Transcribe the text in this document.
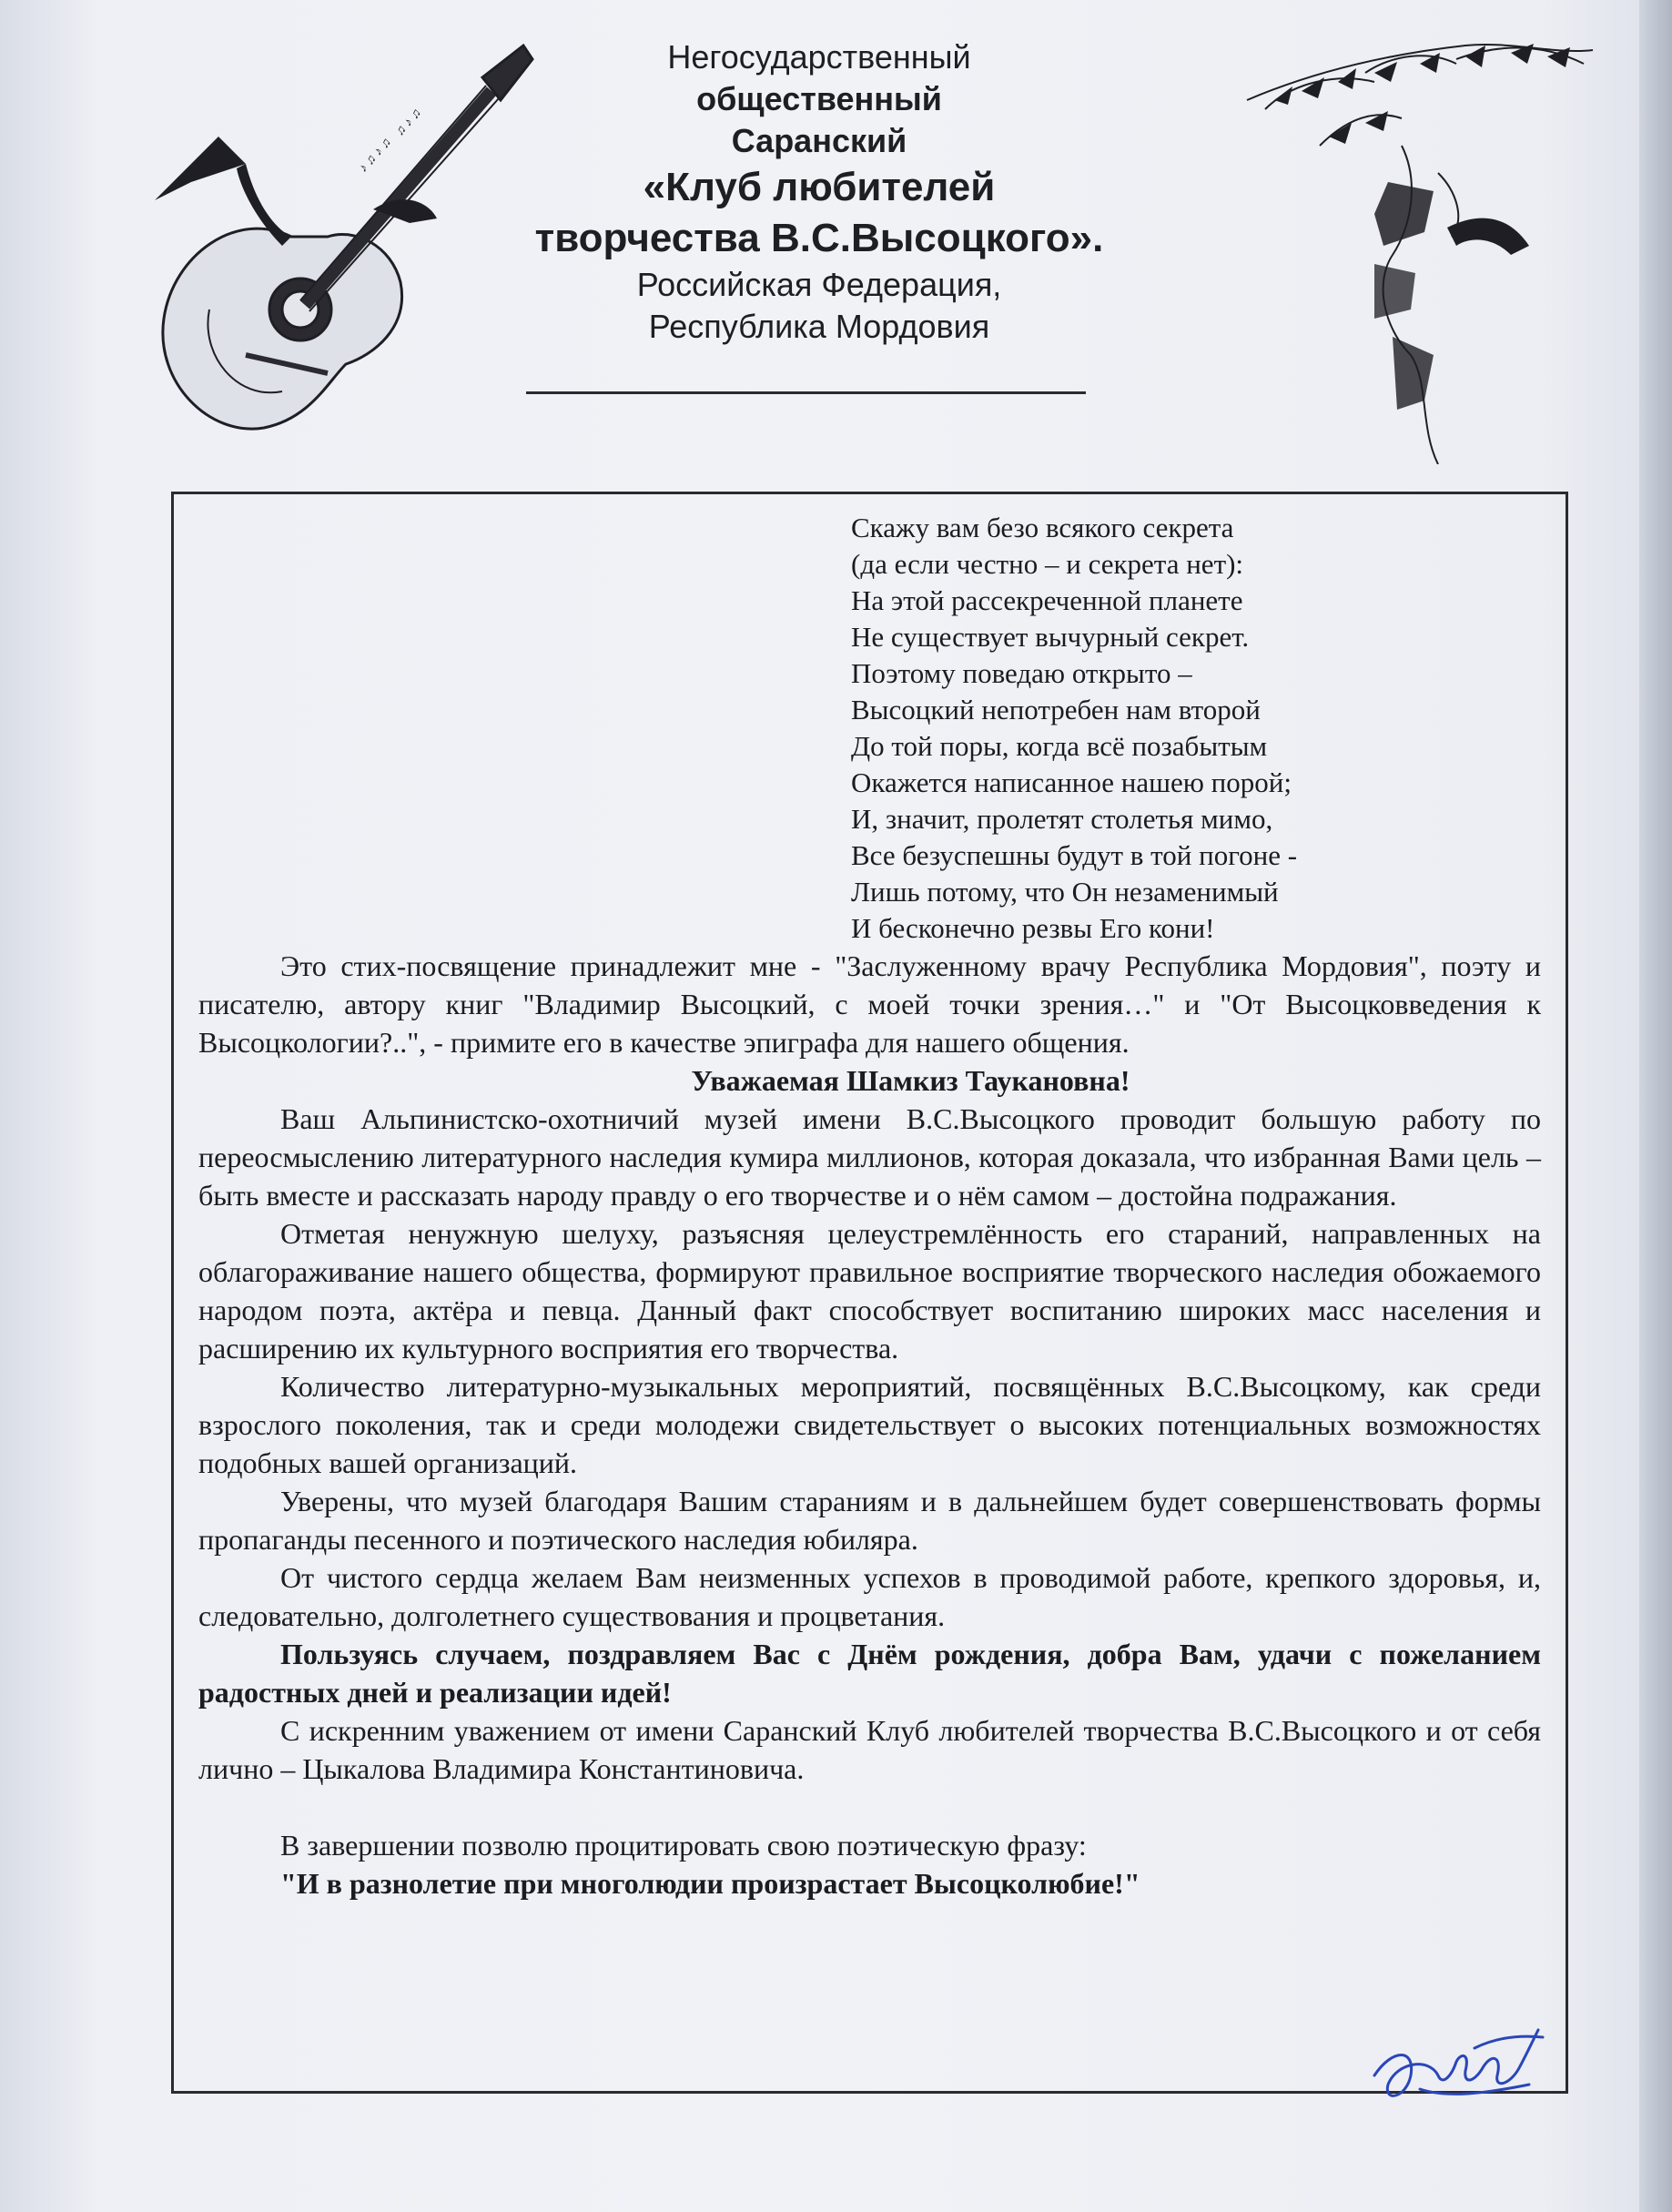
♪ ♫ ♪ ♫
♫ ♪ ♫
Негосударственный
общественный
Саранский
«Клуб любителей
творчества В.С.Высоцкого».
Российская Федерация,
Республика Мордовия
Скажу вам безо всякого секрета
(да если честно – и секрета нет):
На этой рассекреченной планете
Не существует вычурный секрет.
Поэтому поведаю открыто –
Высоцкий непотребен нам второй
До той поры, когда всё позабытым
Окажется написанное нашею порой;
И, значит, пролетят столетья мимо,
Все безуспешны будут в той погоне -
Лишь потому, что Он незаменимый
И бесконечно резвы Его кони!

Это стих-посвящение принадлежит мне - "Заслуженному врачу Республика Мордовия", поэту и писателю, автору книг "Владимир Высоцкий, с моей точки зрения…" и "От Высоцковведения к Высоцкологии?..", - примите его в качестве эпиграфа для нашего общения.

Уважаемая Шамкиз Таукановна!

Ваш Альпинистско-охотничий музей имени В.С.Высоцкого проводит большую работу по переосмыслению литературного наследия кумира миллионов, которая доказала, что избранная Вами цель – быть вместе и рассказать народу правду о его творчестве и о нём самом – достойна подражания.

Отметая ненужную шелуху, разъясняя целеустремлённость его стараний, направленных на облагораживание нашего общества, формируют правильное восприятие творческого наследия обожаемого народом поэта, актёра и певца. Данный факт способствует воспитанию широких масс населения и расширению их культурного восприятия его творчества.

Количество литературно-музыкальных мероприятий, посвящённых В.С.Высоцкому, как среди взрослого поколения, так и среди молодежи свидетельствует о высоких потенциальных возможностях подобных вашей организаций.

Уверены, что музей благодаря Вашим стараниям и в дальнейшем будет совершенствовать формы пропаганды песенного и поэтического наследия юбиляра.

От чистого сердца желаем Вам неизменных успехов в проводимой работе, крепкого здоровья, и, следовательно, долголетнего существования и процветания.

Пользуясь случаем, поздравляем Вас с Днём рождения, добра Вам, удачи с пожеланием радостных дней и реализации идей!

С искренним уважением от имени Саранский Клуб любителей творчества В.С.Высоцкого и от себя лично – Цыкалова Владимира Константиновича.

В завершении позволю процитировать свою поэтическую фразу:

"И в разнолетие при многолюдии произрастает Высоцколюбие!"
